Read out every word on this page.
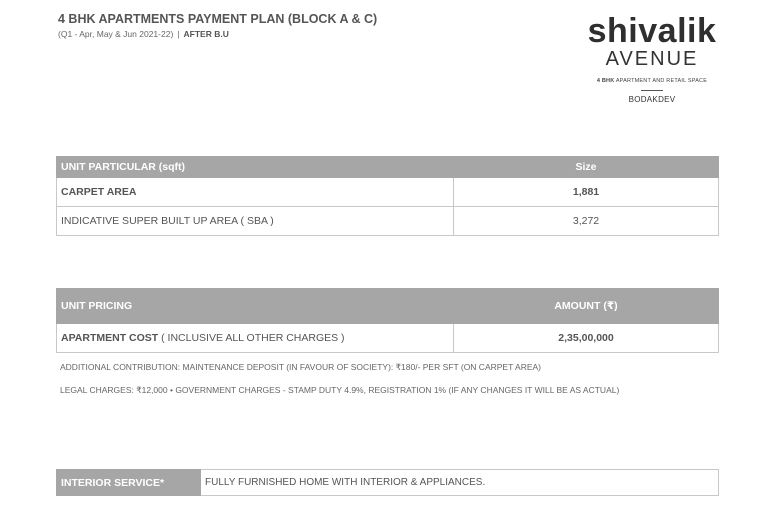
4 BHK APARTMENTS PAYMENT PLAN (BLOCK A & C)
(Q1 - Apr, May & Jun 2021-22) | AFTER B.U	shivalik
AVENUE
4 BHK APARTMENT AND RETAIL SPACE
BODAKDEV
UNIT PARTICULAR (sqft)	Size
CARPET AREA	1,881
INDICATIVE SUPER BUILT UP AREA ( SBA )	3,272
UNIT PRICING	AMOUNT (₹)
APARTMENT COST ( INCLUSIVE ALL OTHER CHARGES )	2,35,00,000
ADDITIONAL CONTRIBUTION: MAINTENANCE DEPOSIT (IN FAVOUR OF SOCIETY): ₹180/- PER SFT (ON CARPET AREA)
LEGAL CHARGES: ₹12,000 • GOVERNMENT CHARGES - STAMP DUTY 4.9%, REGISTRATION 1% (IF ANY CHANGES IT WILL BE AS ACTUAL)
INTERIOR SERVICE*	FULLY FURNISHED HOME WITH INTERIOR & APPLIANCES.
